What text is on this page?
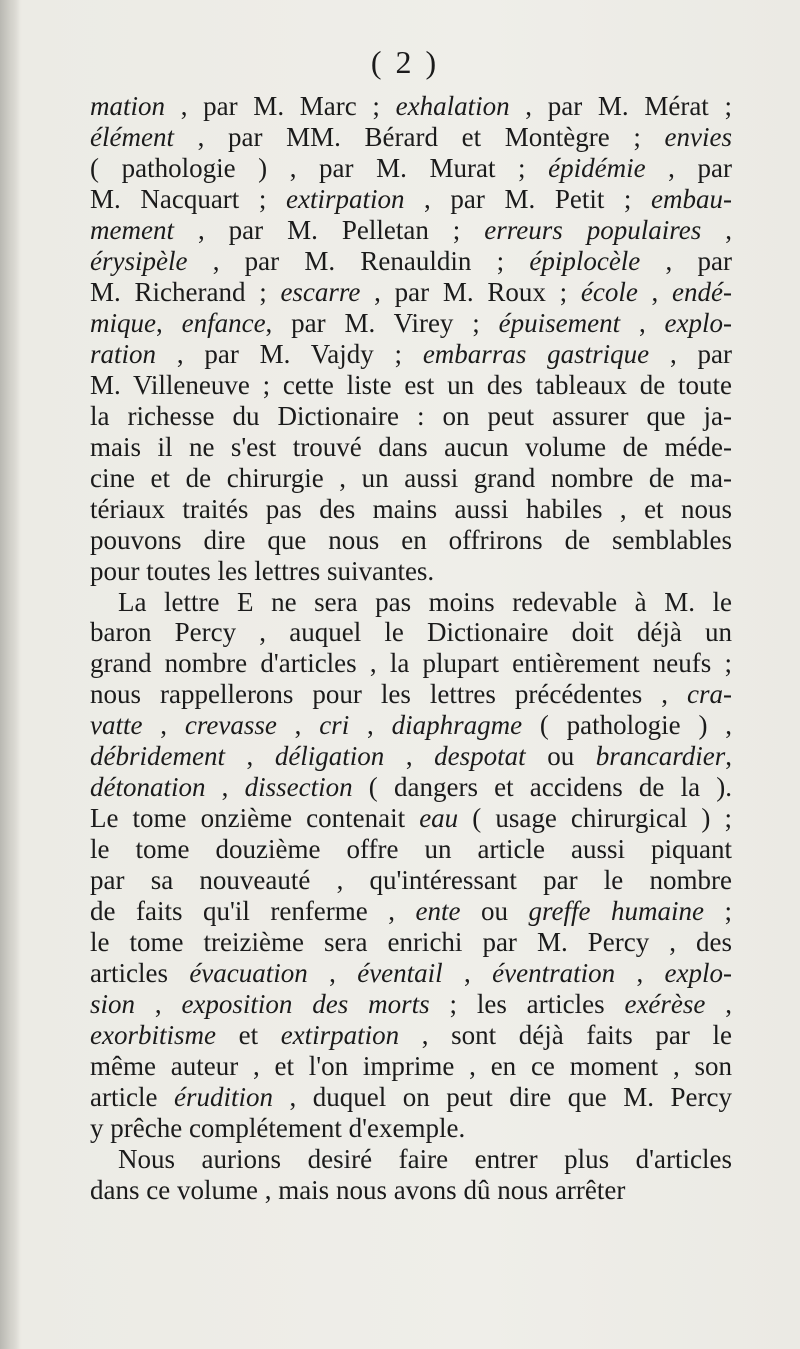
( 2 )
mation , par M. Marc ; exhalation , par M. Mérat ;
élément , par MM. Bérard et Montègre ; envies
( pathologie ) , par M. Murat ; épidémie , par
M. Nacquart ; extirpation , par M. Petit ; embau-
mement , par M. Pelletan ; erreurs populaires ,
érysipèle , par M. Renauldin ; épiplocèle , par
M. Richerand ; escarre , par M. Roux ; école , endé-
mique, enfance, par M. Virey ; épuisement , explo-
ration , par M. Vajdy ; embarras gastrique , par
M. Villeneuve ; cette liste est un des tableaux de toute
la richesse du Dictionaire : on peut assurer que ja-
mais il ne s'est trouvé dans aucun volume de méde-
cine et de chirurgie , un aussi grand nombre de ma-
tériaux traités pas des mains aussi habiles , et nous
pouvons dire que nous en offrirons de semblables
pour toutes les lettres suivantes.
La lettre E ne sera pas moins redevable à M. le
baron Percy , auquel le Dictionaire doit déjà un
grand nombre d'articles , la plupart entièrement neufs ;
nous rappellerons pour les lettres précédentes , cra-
vatte , crevasse , cri , diaphragme ( pathologie ) ,
débridement , déligation , despotat ou brancardier,
détonation , dissection ( dangers et accidens de la ).
Le tome onzième contenait eau ( usage chirurgical ) ;
le tome douzième offre un article aussi piquant
par sa nouveauté , qu'intéressant par le nombre
de faits qu'il renferme , ente ou greffe humaine ;
le tome treizième sera enrichi par M. Percy , des
articles évacuation , éventail , éventration , explo-
sion , exposition des morts ; les articles exérèse ,
exorbitisme et extirpation , sont déjà faits par le
même auteur , et l'on imprime , en ce moment , son
article érudition , duquel on peut dire que M. Percy
y prêche complétement d'exemple.
Nous aurions desiré faire entrer plus d'articles
dans ce volume , mais nous avons dû nous arrêter
